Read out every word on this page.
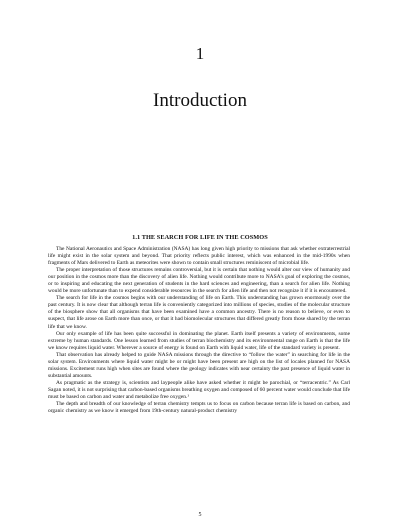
1
Introduction
1.1 THE SEARCH FOR LIFE IN THE COSMOS

The National Aeronautics and Space Administration (NASA) has long given high priority to missions that ask whether extraterrestrial life might exist in the solar system and beyond. That priority reflects public interest, which was enhanced in the mid-1990s when fragments of Mars delivered to Earth as meteorites were shown to contain small structures reminiscent of microbial life.

The proper interpretation of those structures remains controversial, but it is certain that nothing would alter our view of humanity and our position in the cosmos more than the discovery of alien life. Nothing would contribute more to NASA's goal of exploring the cosmos, or to inspiring and educating the next generation of students in the hard sciences and engineering, than a search for alien life. Nothing would be more unfortunate than to expend considerable resources in the search for alien life and then not recognize it if it is encountered.

The search for life in the cosmos begins with our understanding of life on Earth. This understanding has grown enormously over the past century. It is now clear that although terran life is conveniently categorized into millions of species, studies of the molecular structure of the biosphere show that all organisms that have been examined have a common ancestry. There is no reason to believe, or even to suspect, that life arose on Earth more than once, or that it had biomolecular structures that differed greatly from those shared by the terran life that we know.

Our only example of life has been quite successful in dominating the planet. Earth itself presents a variety of environments, some extreme by human standards. One lesson learned from studies of terran biochemistry and its environmental range on Earth is that the life we know requires liquid water. Wherever a source of energy is found on Earth with liquid water, life of the standard variety is present.

That observation has already helped to guide NASA missions through the directive to “follow the water” in searching for life in the solar system. Environments where liquid water might be or might have been present are high on the list of locales planned for NASA missions. Excitement runs high when sites are found where the geology indicates with near certainty the past presence of liquid water in substantial amounts.

As pragmatic as the strategy is, scientists and laypeople alike have asked whether it might be parochial, or “terracentric.” As Carl Sagan noted, it is not surprising that carbon-based organisms breathing oxygen and composed of 60 percent water would conclude that life must be based on carbon and water and metabolize free oxygen.¹

The depth and breadth of our knowledge of terran chemistry tempts us to focus on carbon because terran life is based on carbon, and organic chemistry as we know it emerged from 19th-century natural-product chemistry

5
